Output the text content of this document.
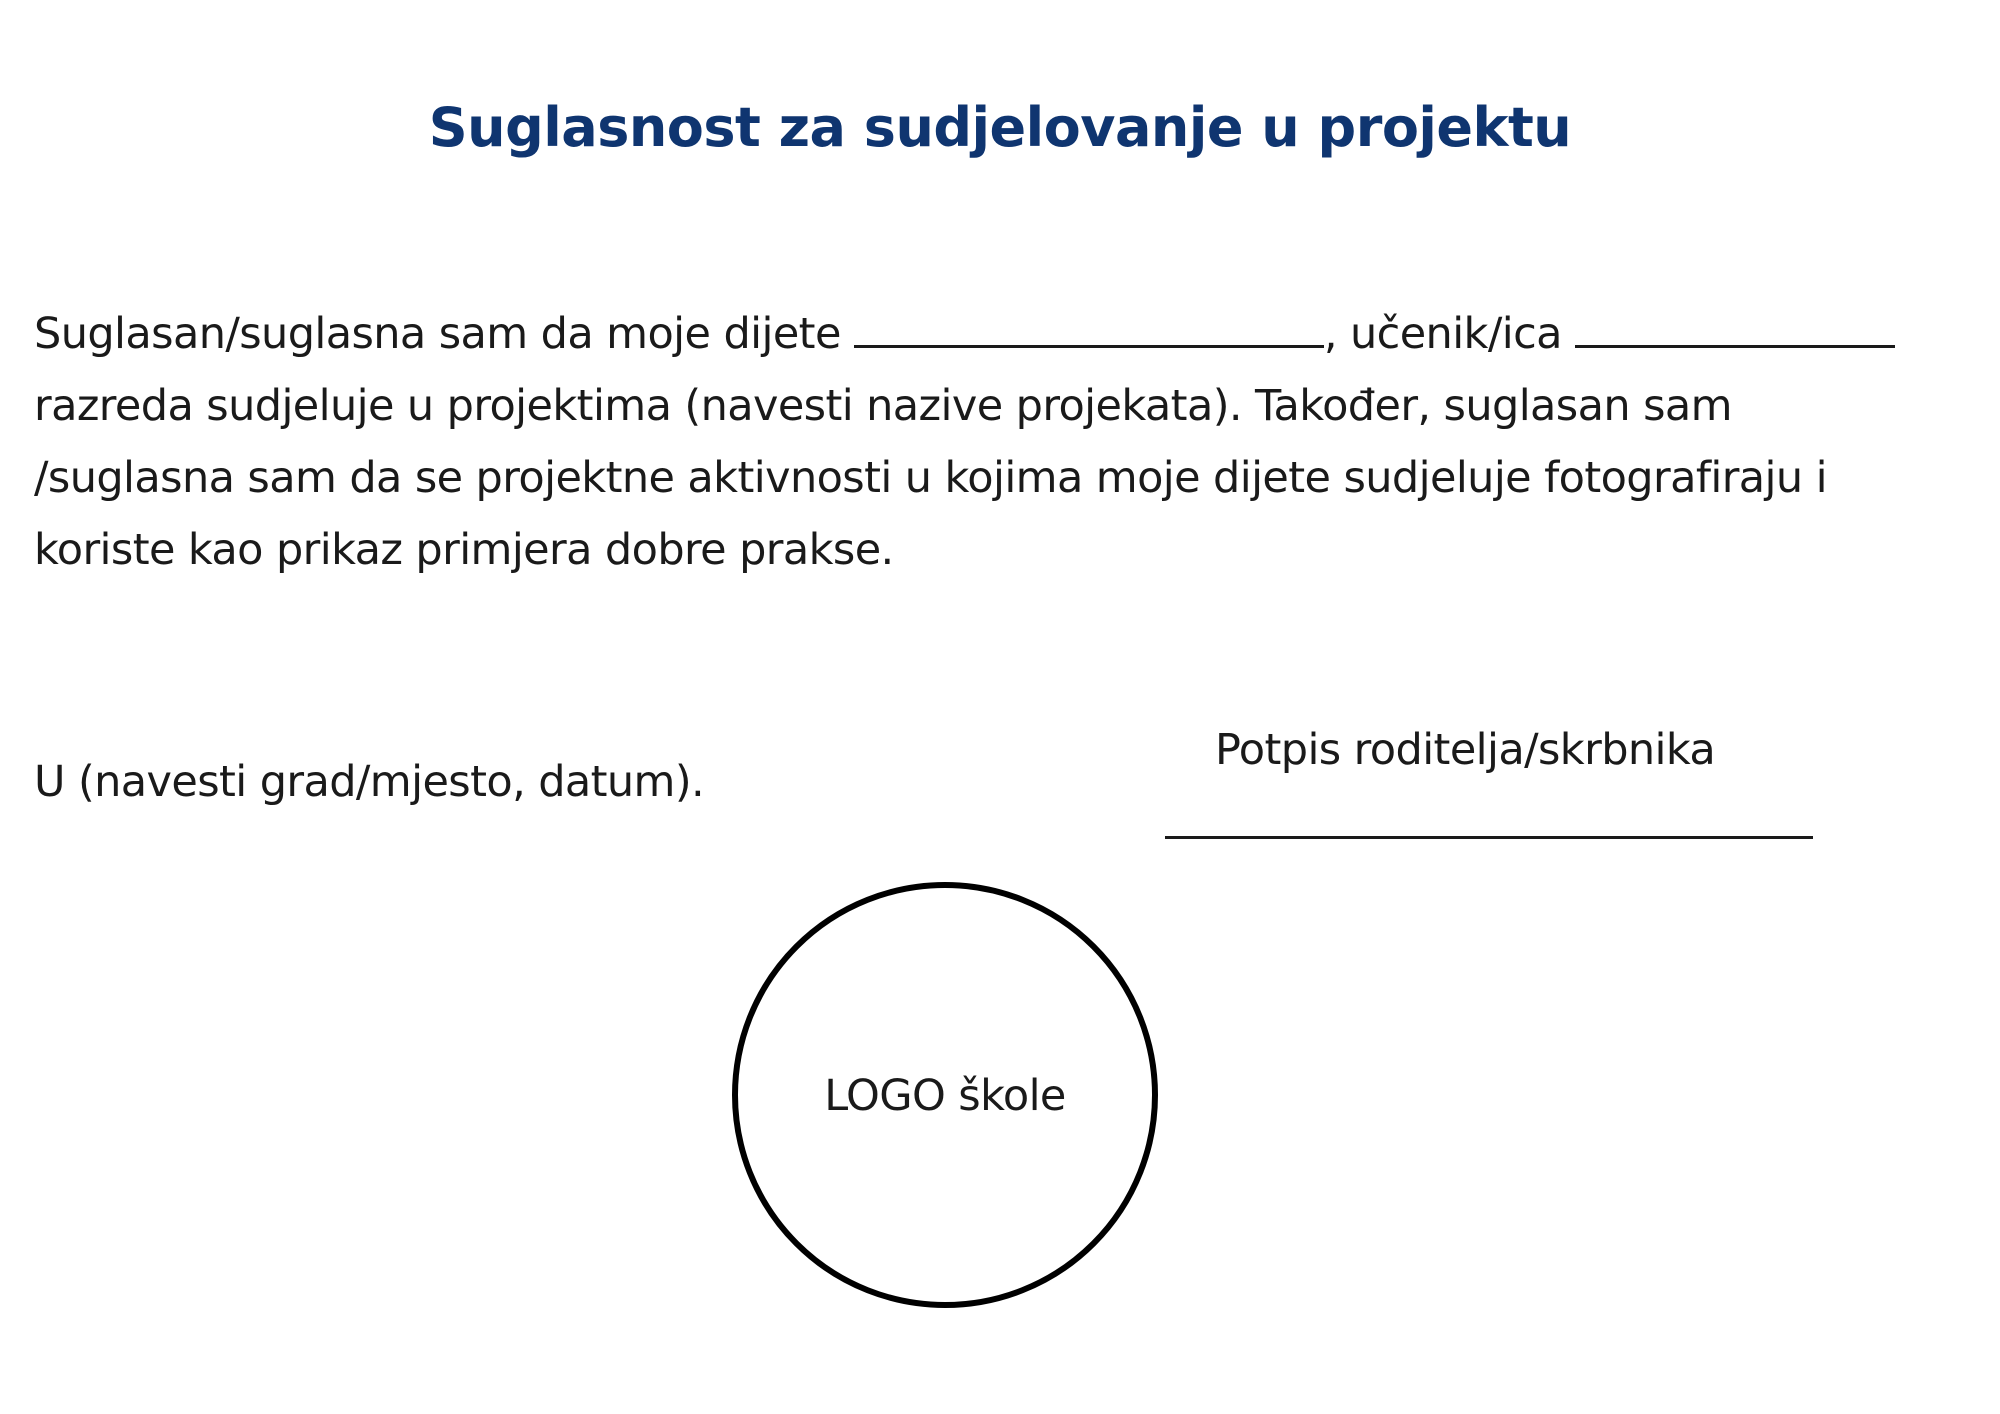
Suglasnost za sudjelovanje u projektu
Suglasan/suglasna sam da moje dijete	, učenik/ica
razreda sudjeluje u projektima (navesti nazive projekata). Također, suglasan sam
/suglasna sam da se projektne aktivnosti u kojima moje dijete sudjeluje fotografiraju i
koriste kao prikaz primjera dobre prakse.

U (navesti grad/mjesto, datum).

Potpis roditelja/skrbnika

LOGO škole
